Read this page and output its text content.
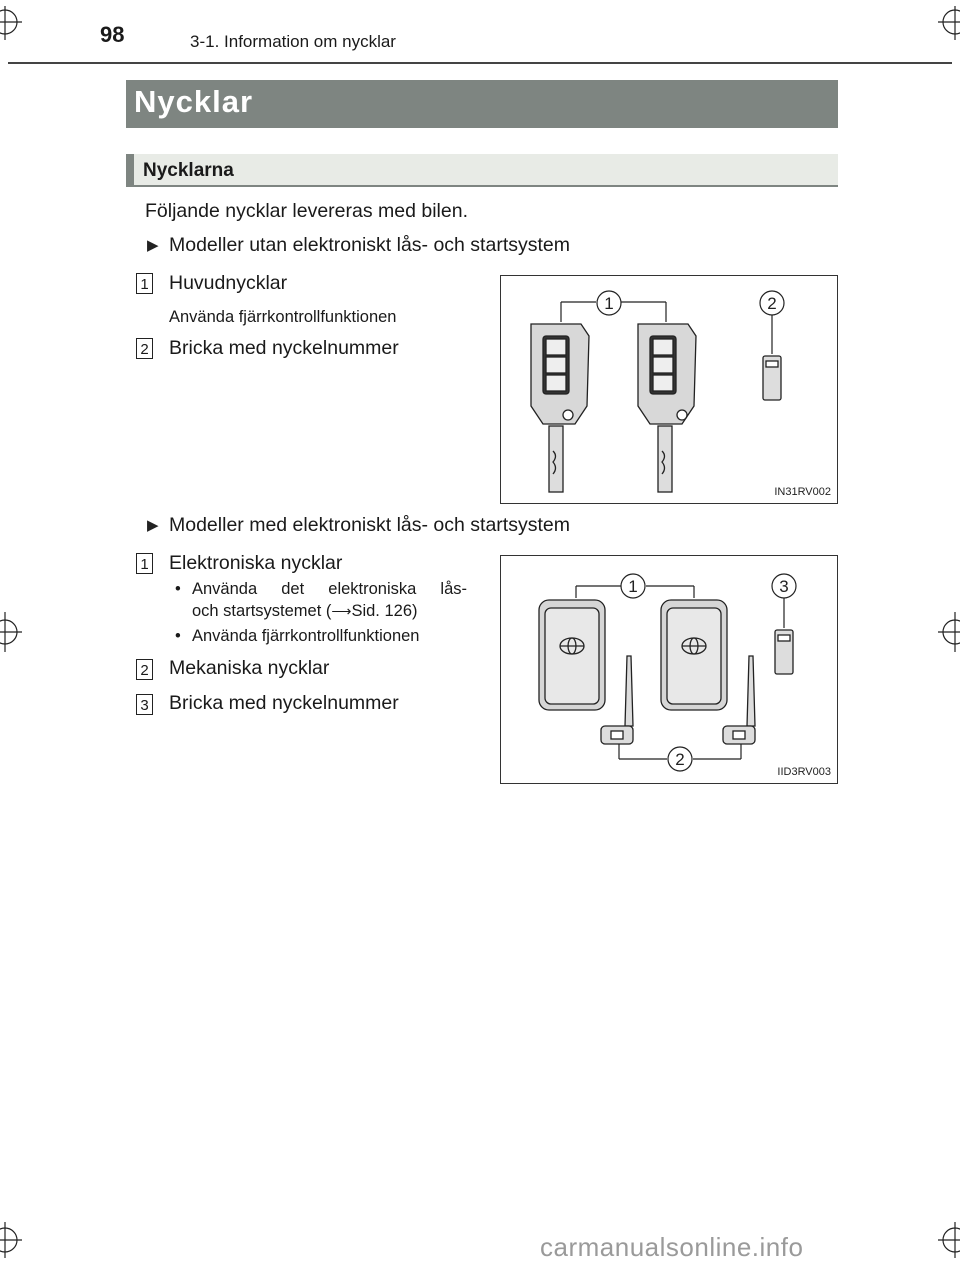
98	3-1. Information om nycklar
Nycklar
Nycklarna
Följande nycklar levereras med bilen.
▶ Modeller utan elektroniskt lås- och startsystem
1 Huvudnycklar
Använda fjärrkontrollfunktionen
2 Bricka med nyckelnummer
1	2
IN31RV002
▶ Modeller med elektroniskt lås- och startsystem
1 Elektroniska nycklar
• Använda det elektroniska lås-
och startsystemet (⟶Sid. 126)
• Använda fjärrkontrollfunktionen
2 Mekaniska nycklar
3 Bricka med nyckelnummer
1	3
2
IID3RV003
carmanualsonline.info
